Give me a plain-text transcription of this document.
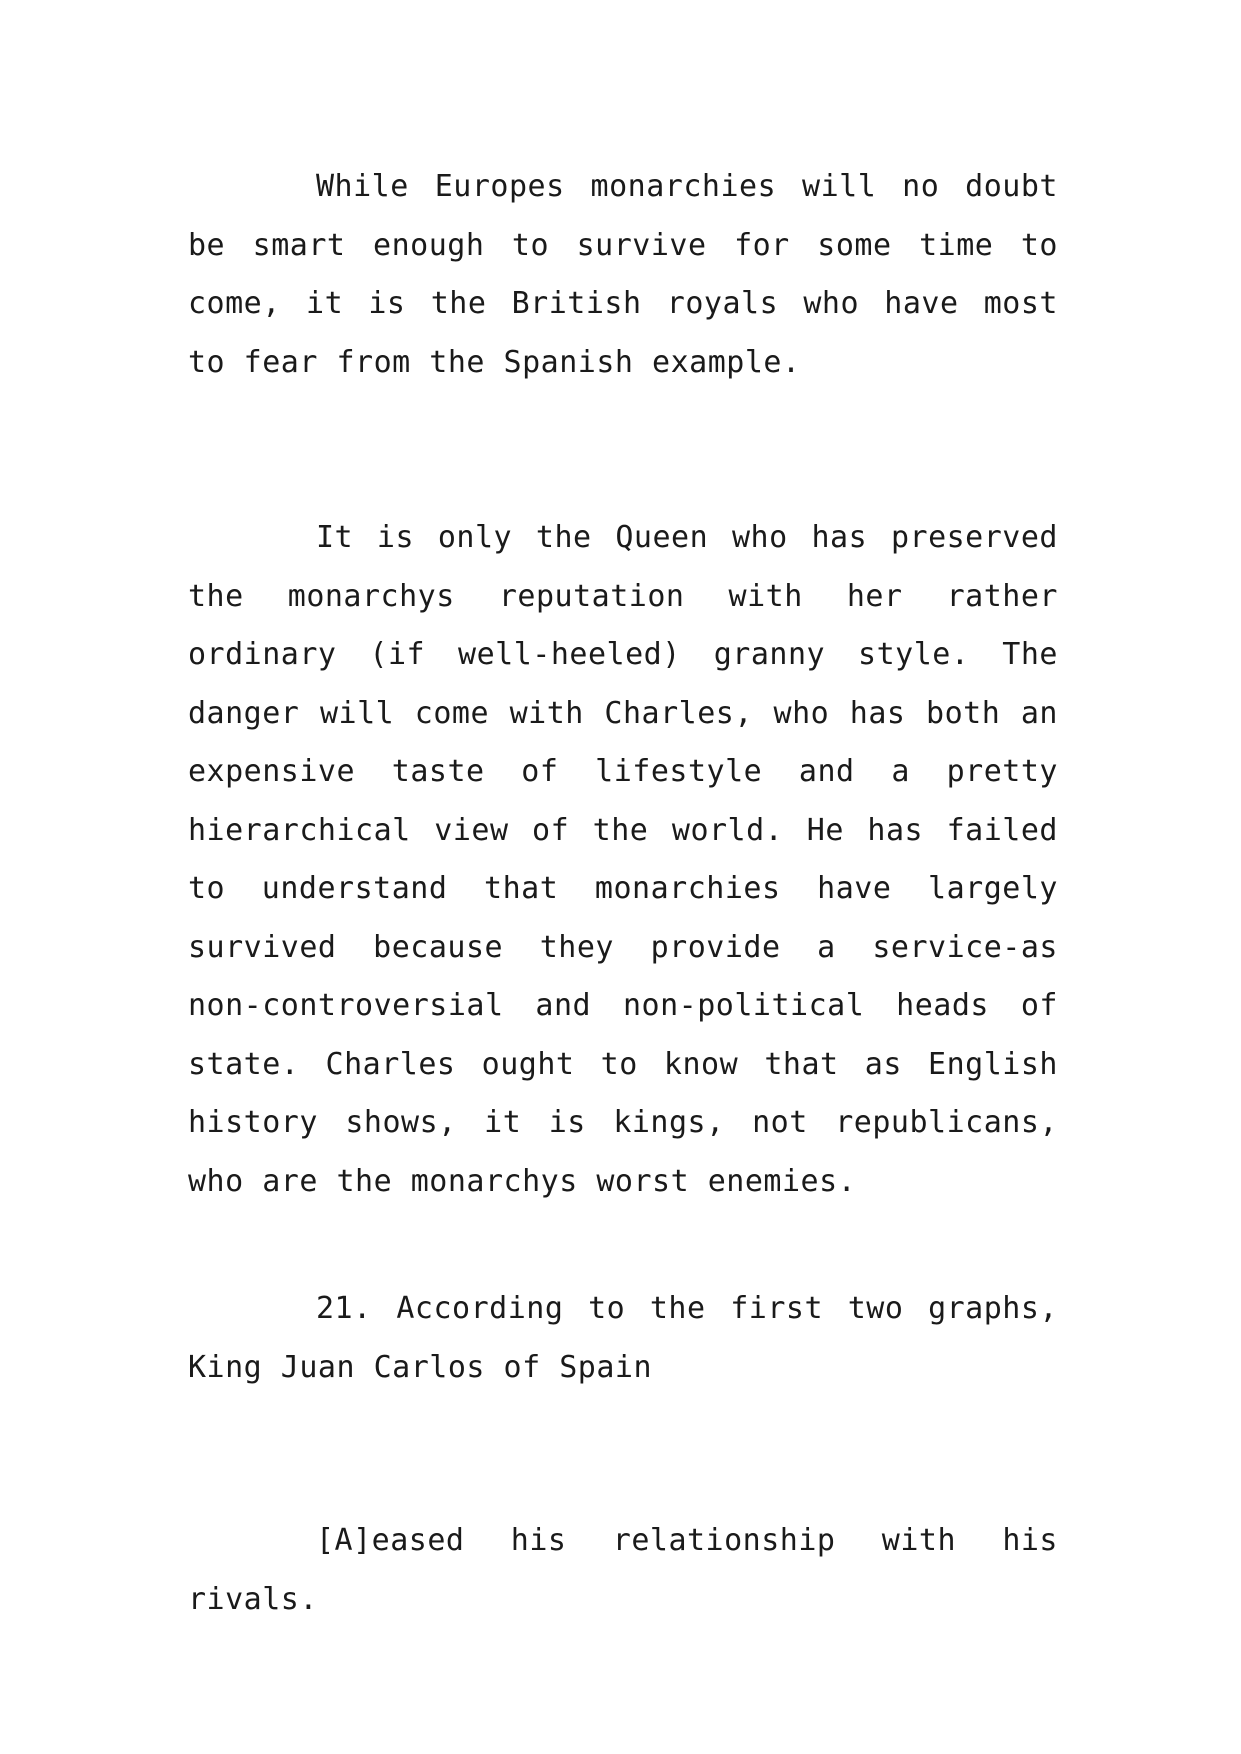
While Europes monarchies will no doubt be smart enough to survive for some time to come, it is the British royals who have most to fear from the Spanish example.

It is only the Queen who has preserved the monarchys reputation with her rather ordinary (if well-heeled) granny style. The danger will come with Charles, who has both an expensive taste of lifestyle and a pretty hierarchical view of the world. He has failed to understand that monarchies have largely survived because they provide a service-as non-controversial and non-political heads of state. Charles ought to know that as English history shows, it is kings, not republicans, who are the monarchys worst enemies.

21. According to the first two graphs, King Juan Carlos of Spain

[A]eased his relationship with his rivals.
